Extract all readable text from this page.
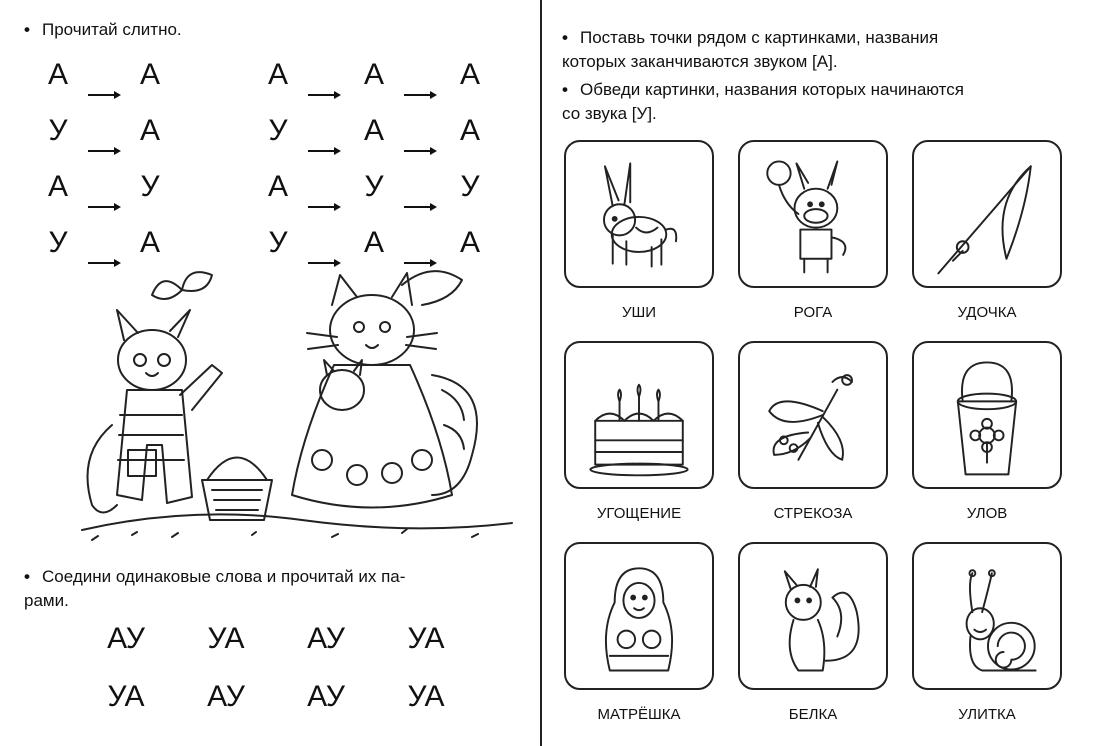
• Прочитай слитно.
А А	А	А	А
У А	У	А	А
А У	А	У	У
У А	У	А	А
• Соедини одинаковые слова и прочитай их па-
рами.
АУ	УА	АУ	УА
УА	АУ	АУ	УА
• Поставь точки рядом с картинками, названия
которых заканчиваются звуком [А].
• Обведи картинки, названия которых начинаются
со звука [У].
УШИ	РОГА	УДОЧКА
УГОЩЕНИЕ	СТРЕКОЗА	УЛОВ
МАТРЁШКА	БЕЛКА	УЛИТКА
